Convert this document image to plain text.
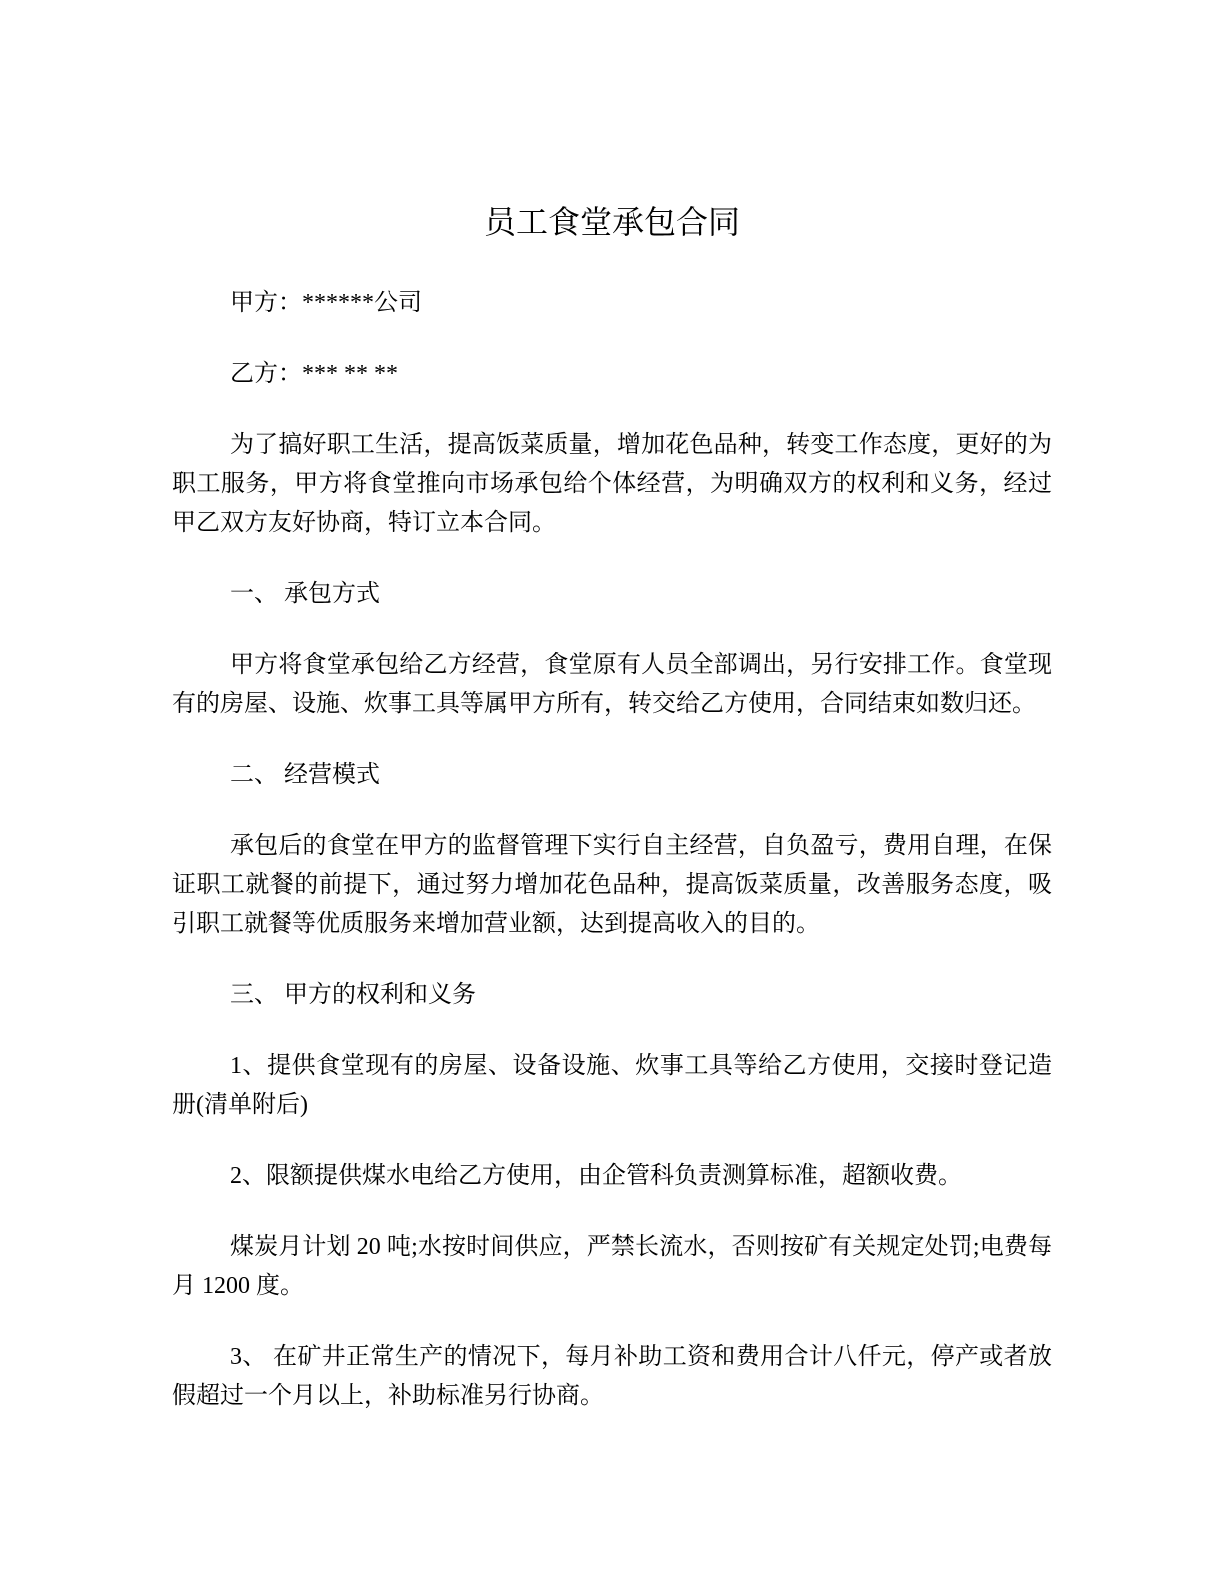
员工食堂承包合同

甲方：******公司

乙方：*** ** **

为了搞好职工生活，提高饭菜质量，增加花色品种，转变工作态度，更好的为职工服务，甲方将食堂推向市场承包给个体经营，为明确双方的权利和义务，经过甲乙双方友好协商，特订立本合同。

一、 承包方式

甲方将食堂承包给乙方经营，食堂原有人员全部调出，另行安排工作。食堂现有的房屋、设施、炊事工具等属甲方所有，转交给乙方使用，合同结束如数归还。

二、 经营模式

承包后的食堂在甲方的监督管理下实行自主经营，自负盈亏，费用自理，在保证职工就餐的前提下，通过努力增加花色品种，提高饭菜质量，改善服务态度，吸引职工就餐等优质服务来增加营业额，达到提高收入的目的。

三、 甲方的权利和义务

1、提供食堂现有的房屋、设备设施、炊事工具等给乙方使用，交接时登记造册(清单附后)

2、限额提供煤水电给乙方使用，由企管科负责测算标准，超额收费。

煤炭月计划 20 吨;水按时间供应，严禁长流水，否则按矿有关规定处罚;电费每月 1200 度。

3、 在矿井正常生产的情况下，每月补助工资和费用合计八仟元，停产或者放假超过一个月以上，补助标准另行协商。
